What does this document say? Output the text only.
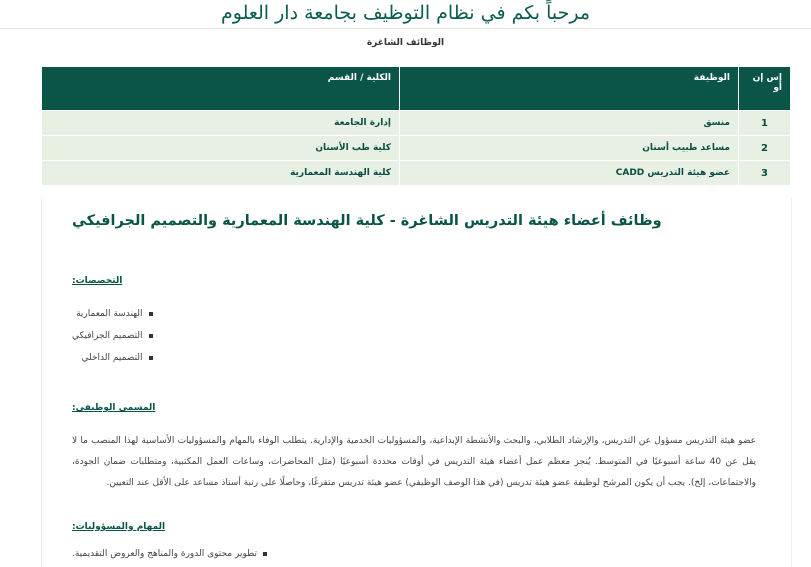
مرحباً بكم في نظام التوظيف بجامعة دار العلوم
الوظائف الشاغرة
إس إن أو	الوظيفة	الكلية / القسم
1	منسق	إدارة الجامعة
2	مساعد طبيب أسنان	كلية طب الأسنان
3	عضو هيئة التدريس CADD	كلية الهندسة المعمارية
وظائف أعضاء هيئة التدريس الشاغرة - كلية الهندسة المعمارية والتصميم الجرافيكي
التخصصات:
الهندسة المعمارية
التصميم الجرافيكي
التصميم الداخلي
المسمى الوظيفي:
عضو هيئة التدريس مسؤول عن التدريس، والإرشاد الطلابي، والبحث والأنشطة الإبداعية، والمسؤوليات الخدمية والإدارية. يتطلب الوفاء بالمهام والمسؤوليات الأساسية لهذا المنصب ما لا يقل عن 40 ساعة أسبوعيًا في المتوسط. يُنجز معظم عمل أعضاء هيئة التدريس في أوقات محددة أسبوعيًا (مثل المحاضرات، وساعات العمل المكتبية، ومتطلبات ضمان الجودة، والاجتماعات، إلخ). يجب أن يكون المرشح لوظيفة عضو هيئة تدريس (في هذا الوصف الوظيفي) عضو هيئة تدريس متفرغًا، وحاصلًا على رتبة أستاذ مساعد على الأقل عند التعيين.
المهام والمسؤوليات:
تطوير محتوى الدورة والمناهج والعروض التقديمية.
